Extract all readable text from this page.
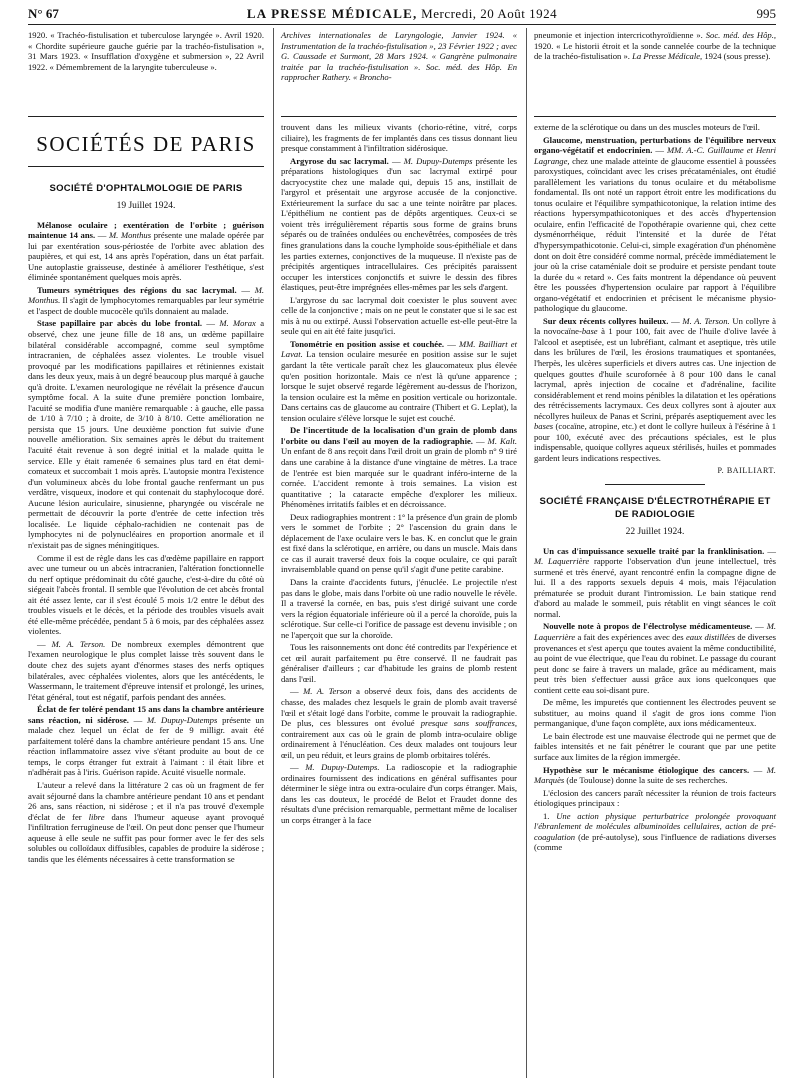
N° 67	LA PRESSE MÉDICALE, Mercredi, 20 Août 1924	995

1920. « Trachéo-fistulisation et tuberculose laryngée ». Avril 1920. « Chordite supérieure gauche guérie par la trachéo-fistulisation », 31 Mars 1923. « Insufflation d'oxygène et submersion », 22 Avril 1922. « Démembrement de la laryngite tuberculeuse ».

SOCIÉTÉS DE PARIS
SOCIÉTÉ D'OPHTALMOLOGIE DE PARIS
19 Juillet 1924.

Mélanose oculaire ; exentération de l'orbite ; guérison maintenue 14 ans. — M. Monthus présente une malade opérée par lui par exentération sous-périostée de l'orbite avec ablation des paupières, et qui est, 14 ans après l'opération, dans un état parfait. Une autoplastie graisseuse, destinée à améliorer l'esthétique, s'est éliminée spontanément quelques mois après.

Tumeurs symétriques des régions du sac lacrymal. — M. Monthus. Il s'agit de lymphocytomes remarquables par leur symétrie et l'aspect de double mucocèle qu'ils donnaient au malade.

Stase papillaire par abcès du lobe frontal. — M. Morax a observé, chez une jeune fille de 18 ans, un œdème papillaire bilatéral considérable accompagné, comme seul symptôme intracranien, de céphalées assez violentes. Le trouble visuel provoqué par les modifications papillaires et rétiniennes existait dans les deux yeux, mais à un degré beaucoup plus marqué à gauche qu'à droite. L'examen neurologique ne révélait la présence d'aucun symptôme focal. A la suite d'une première ponction lombaire, l'acuité se modifia d'une manière remarquable : à gauche, elle passa de 1/10 à 7/10 ; à droite, de 3/10 à 8/10. Cette amélioration ne persista que 15 jours. Une deuxième ponction fut suivie d'une nouvelle amélioration. Six semaines après le début du traitement l'acuité était revenue à son degré initial et la malade quitta le service. Elle y était ramenée 6 semaines plus tard en état demi-comateux et succombait 1 mois après. L'autopsie montra l'existence d'un volumineux abcès du lobe frontal gauche renfermant un pus verdâtre, visqueux, inodore et qui contenait du staphylocoque doré. Aucune lésion auriculaire, sinusienne, pharyngée ou viscérale ne permettait de découvrir la porte d'entrée de cette infection très localisée. Le liquide céphalo-rachidien ne contenait pas de lymphocytes ni de polynucléaires en proportion anormale et il n'existait pas de signes méningitiques.

Comme il est de règle dans les cas d'œdème papillaire en rapport avec une tumeur ou un abcès intracranien, l'altération fonctionnelle du nerf optique prédominait du côté gauche, c'est-à-dire du côté où siégeait l'abcès frontal. Il semble que l'évolution de cet abcès frontal ait été assez lente, car il s'est écoulé 5 mois 1/2 entre le début des troubles visuels et le décès, et la période des troubles visuels avait été elle-même précédée, pendant 5 à 6 mois, par des céphalées assez violentes.

— M. A. Terson. De nombreux exemples démontrent que l'examen neurologique le plus complet laisse très souvent dans le doute chez des sujets ayant d'énormes stases des nerfs optiques bilatérales, avec céphalées violentes, alors que les antécédents, le Wassermann, le traitement d'épreuve intensif et prolongé, les urines, l'état général, tout est négatif, parfois pendant des années.

Éclat de fer toléré pendant 15 ans dans la chambre antérieure sans réaction, ni sidérose. — M. Dupuy-Dutemps présente un malade chez lequel un éclat de fer de 9 milligr. avait été parfaitement toléré dans la chambre antérieure pendant 15 ans. Une réaction inflammatoire assez vive s'étant produite au bout de ce temps, le corps étranger fut extrait à l'aimant : il était libre et n'adhérait pas à l'iris. Guérison rapide. Acuité visuelle normale.

L'auteur a relevé dans la littérature 2 cas où un fragment de fer avait séjourné dans la chambre antérieure pendant 10 ans et pendant 26 ans, sans réaction, ni sidérose ; et il n'a pas trouvé d'exemple d'éclat de fer libre dans l'humeur aqueuse ayant provoqué l'infiltration ferrugineuse de l'œil. On peut donc penser que l'humeur aqueuse à elle seule ne suffit pas pour former avec le fer des sels solubles ou colloïdaux diffusibles, capables de produire la sidérose ; tandis que les éléments nécessaires à cette transformation se

Archives internationales de Laryngologie, Janvier 1924. « Instrumentation de la trachéo-fistulisation », 23 Février 1922 ; avec G. Caussade et Surmont, 28 Mars 1924. « Gangrène pulmonaire traitée par la trachéo-fistulisation ». Soc. méd. des Hôp. En rapprocher Rathery. « Broncho-

trouvent dans les milieux vivants (chorio-rétine, vitré, corps ciliaire), les fragments de fer implantés dans ces tissus donnant lieu presque constamment à l'infiltration sidérosique.

Argyrose du sac lacrymal. — M. Dupuy-Dutemps présente les préparations histologiques d'un sac lacrymal extirpé pour dacryocystite chez une malade qui, depuis 15 ans, instillait de l'argyrol et présentait une argyrose accusée de la conjonctive. Extérieurement la surface du sac a une teinte noirâtre par places. L'épithélium ne contient pas de dépôts argentiques. Ceux-ci se voient très irrégulièrement répartis sous forme de grains bruns séparés ou de traînées ondulées ou enchevêtrées, composées de très fines granulations dans la couche lymphoïde sous-épithéliale et dans les parties externes, conjonctives de la muqueuse. Il n'existe pas de précipités argentiques intracellulaires. Ces précipités paraissent occuper les interstices conjonctifs et suivre le dessin des fibres élastiques, peut-être imprégnées elles-mêmes par les sels d'argent.

L'argyrose du sac lacrymal doit coexister le plus souvent avec celle de la conjonctive ; mais on ne peut le constater que si le sac est mis à nu ou extirpé. Aussi l'observation actuelle est-elle peut-être la seule qui en ait été faite jusqu'ici.

Tonométrie en position assise et couchée. — MM. Bailliart et Lavat. La tension oculaire mesurée en position assise sur le sujet gardant la tête verticale paraît chez les glaucomateux plus élevée qu'en position horizontale. Mais ce n'est là qu'une apparence ; lorsque le sujet observé regarde légèrement au-dessus de l'horizon, la tension oculaire est la même en position verticale ou horizontale. Dans certains cas de glaucome au contraire (Thibert et G. Leplat), la tension oculaire s'élève lorsque le sujet est couché.

De l'incertitude de la localisation d'un grain de plomb dans l'orbite ou dans l'œil au moyen de la radiographie. — M. Kalt. Un enfant de 8 ans reçoit dans l'œil droit un grain de plomb n° 9 tiré dans une carabine à la distance d'une vingtaine de mètres. La trace de l'entrée est bien marquée sur le quadrant inféro-interne de la cornée. L'accident remonte à trois semaines. La vision est quantitative ; la cataracte empêche d'explorer les milieux. Phénomènes irritatifs faibles et en décroissance.

Deux radiographies montrent : 1° la présence d'un grain de plomb vers le sommet de l'orbite ; 2° l'ascension du grain dans le déplacement de l'axe oculaire vers le bas. K. en conclut que le grain est fixé dans la sclérotique, en arrière, ou dans un muscle. Mais dans ce cas il aurait traversé deux fois la coque oculaire, ce qui paraît invraisemblable quand on pense qu'il s'agit d'une petite carabine.

Dans la crainte d'accidents futurs, j'énucléе. Le projectile n'est pas dans le globe, mais dans l'orbite où une radio nouvelle le révèle. Il a traversé la cornée, en bas, puis s'est dirigé suivant une corde vers la région équatoriale inférieure où il a percé la choroïde, puis la sclérotique. Sur celle-ci l'orifice de passage est devenu invisible ; on ne l'aperçoit que sur la choroïde.

Tous les raisonnements ont donc été contredits par l'expérience et cet œil aurait parfaitement pu être conservé. Il ne faudrait pas généraliser d'ailleurs ; car d'habitude les grains de plomb restent dans l'œil.

— M. A. Terson a observé deux fois, dans des accidents de chasse, des malades chez lesquels le grain de plomb avait traversé l'œil et s'était logé dans l'orbite, comme le prouvait la radiographie. De plus, ces blessures ont évolué presque sans souffrances, contrairement aux cas où le grain de plomb intra-oculaire oblige ordinairement à l'énucléation. Ces deux malades ont toujours leur œil, un peu réduit, et leurs grains de plomb orbitaires tolérés.

— M. Dupuy-Dutemps. La radioscopie et la radiographie ordinaires fournissent des indications en général suffisantes pour déterminer le siège intra ou extra-oculaire d'un corps étranger. Mais, dans les cas douteux, le procédé de Belot et Fraudet donne des résultats d'une précision remarquable, permettant même de localiser un corps étranger à la face

pneumonie et injection intercricothyroïdienne ». Soc. méd. des Hôp., 1920. « Le historii étroit et la sonde cannelée courbe de la technique de la trachéo-fistulisation ». La Presse Médicale, 1924 (sous presse).

externe de la sclérotique ou dans un des muscles moteurs de l'œil.

Glaucome, menstruation, perturbations de l'équilibre nerveux organo-végétatif et endocrinien. — MM. A.-C. Guillaume et Henri Lagrange, chez une malade atteinte de glaucome essentiel à poussées paroxystiques, coïncidant avec les crises précataméniales, ont étudié parallèlement les variations du tonus oculaire et du métabolisme fondamental. Ils ont noté un rapport étroit entre les modifications du tonus oculaire et l'équilibre sympathicotonique, la relation intime des réactions hypersympathicotoniques et des accès d'hypertension oculaire, enfin l'efficacité de l'opothérapie ovarienne qui, chez cette dysménorrhéique, réduit l'intensité et la durée de l'état d'hypersympathicotonie. Celui-ci, simple exagération d'un phénomène dont on doit être considéré comme normal, précède immédiatement le jour où la crise cataméniale doit se produire et persiste pendant toute la durée du « retard ». Ces faits montrent la dépendance où peuvent être les poussées d'hypertension oculaire par rapport à l'équilibre organo-végétatif et endocrinien et précisent le mécanisme physio-pathologique du glaucome.

Sur deux récents collyres huileux. — M. A. Terson. Un collyre à la novocaïne-base à 1 pour 100, fait avec de l'huile d'olive lavée à l'alcool et aseptisée, est un lubréfiant, calmant et aseptique, très utile dans les brûlures de l'œil, les érosions traumatiques et spontanées, l'herpès, les ulcères superficiels et divers autres cas. Une injection de quelques gouttes d'huile scurofornée à 8 pour 100 dans le canal lacrymal, après injection de cocaïne et d'adrénaline, facilite considérablement et rend moins pénibles la dilatation et les opérations des rétrécissements lacrymaux. Ces deux collyres sont à ajouter aux nécollyres huileux de Panas et Scrini, préparés aseptiquement avec les bases (cocaïne, atropine, etc.) et dont le collyre huileux à l'ésérine à 1 pour 100, exécuté avec des précautions spéciales, est le plus indispensable, quoique collyres aqueux stérilisés, huiles et pommades gardent leurs indications respectives.

P. BAILLIART.
SOCIÉTÉ FRANÇAISE D'ÉLECTROTHÉRAPIE ET DE RADIOLOGIE
22 Juillet 1924.

Un cas d'impuissance sexuelle traité par la franklinisation. — M. Laquerrière rapporte l'observation d'un jeune intellectuel, très surmené et très énervé, ayant rencontré enfin la compagne digne de lui. Il a des rapports sexuels depuis 4 mois, mais l'éjaculation prématurée se produit durant l'intromission. Le bain statique rend d'abord au malade le sommeil, puis rétablit en vingt séances le coït normal.

Nouvelle note à propos de l'électrolyse médicamenteuse. — M. Laquerrière a fait des expériences avec des eaux distillées de diverses provenances et s'est aperçu que toutes avaient la même conductibilité, au point de vue électrique, que l'eau du robinet. Le passage du courant peut donc se faire à travers un malade, grâce au médicament, mais peut très bien s'effectuer aussi grâce aux ions quelconques que contient cette eau soi-disant pure.

De même, les impuretés que contiennent les électrodes peuvent se substituer, au moins quand il s'agit de gros ions comme l'ion permanganique, d'une façon complète, aux ions médicamenteux.

Le bain électrode est une mauvaise électrode qui ne permet que de faibles intensités et ne fait pénétrer le courant que par une petite surface aux limites de la région immergée.

Hypothèse sur le mécanisme étiologique des cancers. — M. Marquès (de Toulouse) donne la suite de ses recherches.

L'éclosion des cancers paraît nécessiter la réunion de trois facteurs étiologiques principaux :

1. Une action physique perturbatrice prolongée provoquant l'ébranlement de molécules albuminoïdes cellulaires, action de pré-coagulation (de pré-autolyse), sous l'influence de radiations diverses (comme
